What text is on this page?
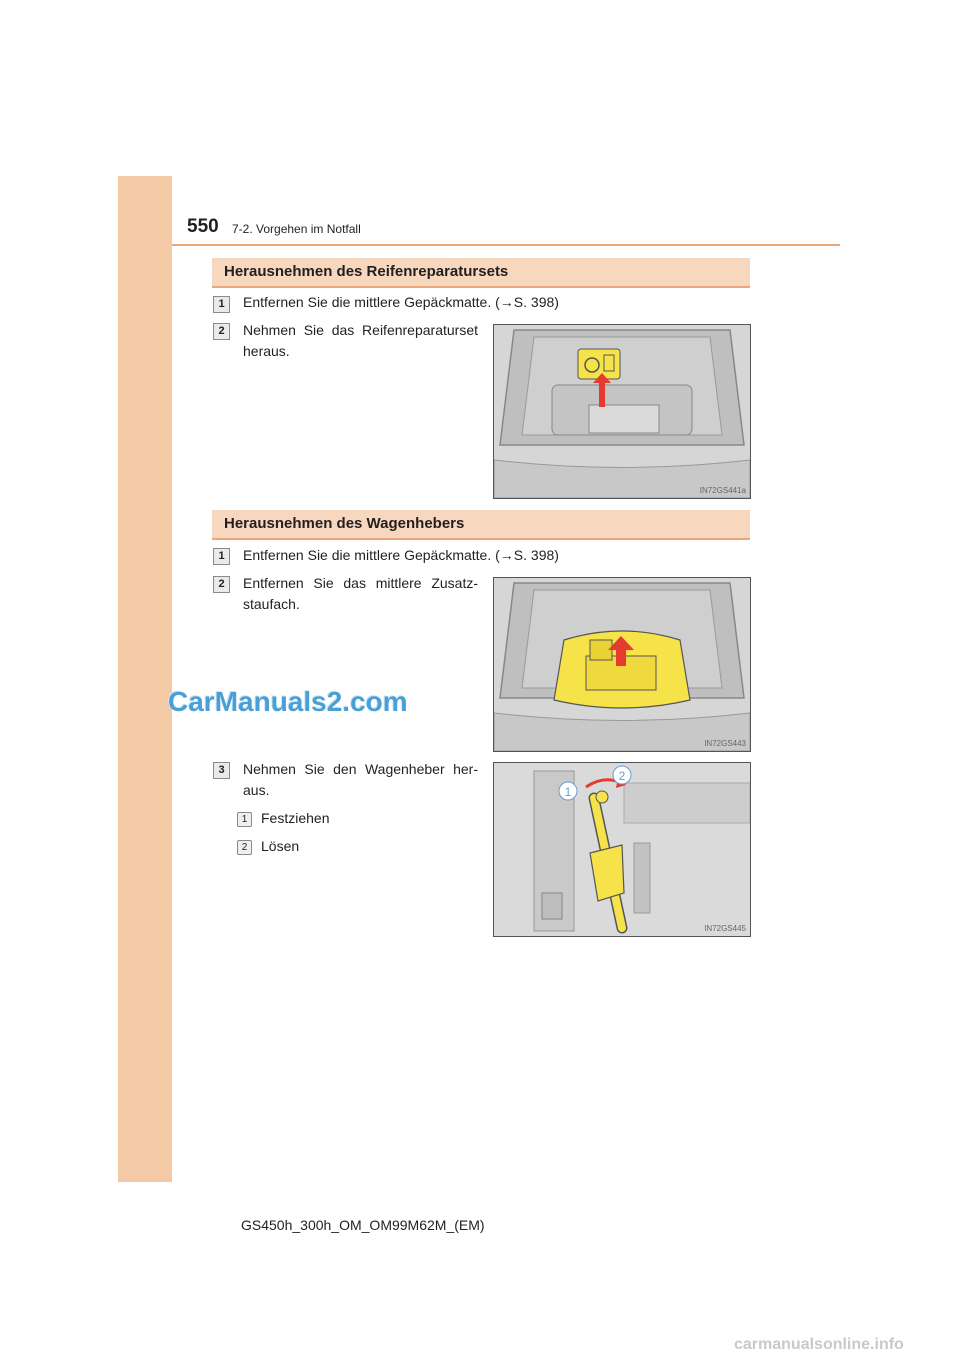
550 7-2. Vorgehen im Notfall
Herausnehmen des Reifenreparatursets
1	Entfernen Sie die mittlere Gepäckmatte. (→S. 398)
2	Nehmen Sie das Reifenreparaturset heraus.
IN72GS441a
Herausnehmen des Wagenhebers
1	Entfernen Sie die mittlere Gepäckmatte. (→S. 398)
2	Entfernen Sie das mittlere Zusatz-staufach.
IN72GS443
3	Nehmen Sie den Wagenheber her-aus.
1 Festziehen
2 Lösen
1
2
IN72GS445
CarManuals2.com
GS450h_300h_OM_OM99M62M_(EM)
carmanualsonline.info
